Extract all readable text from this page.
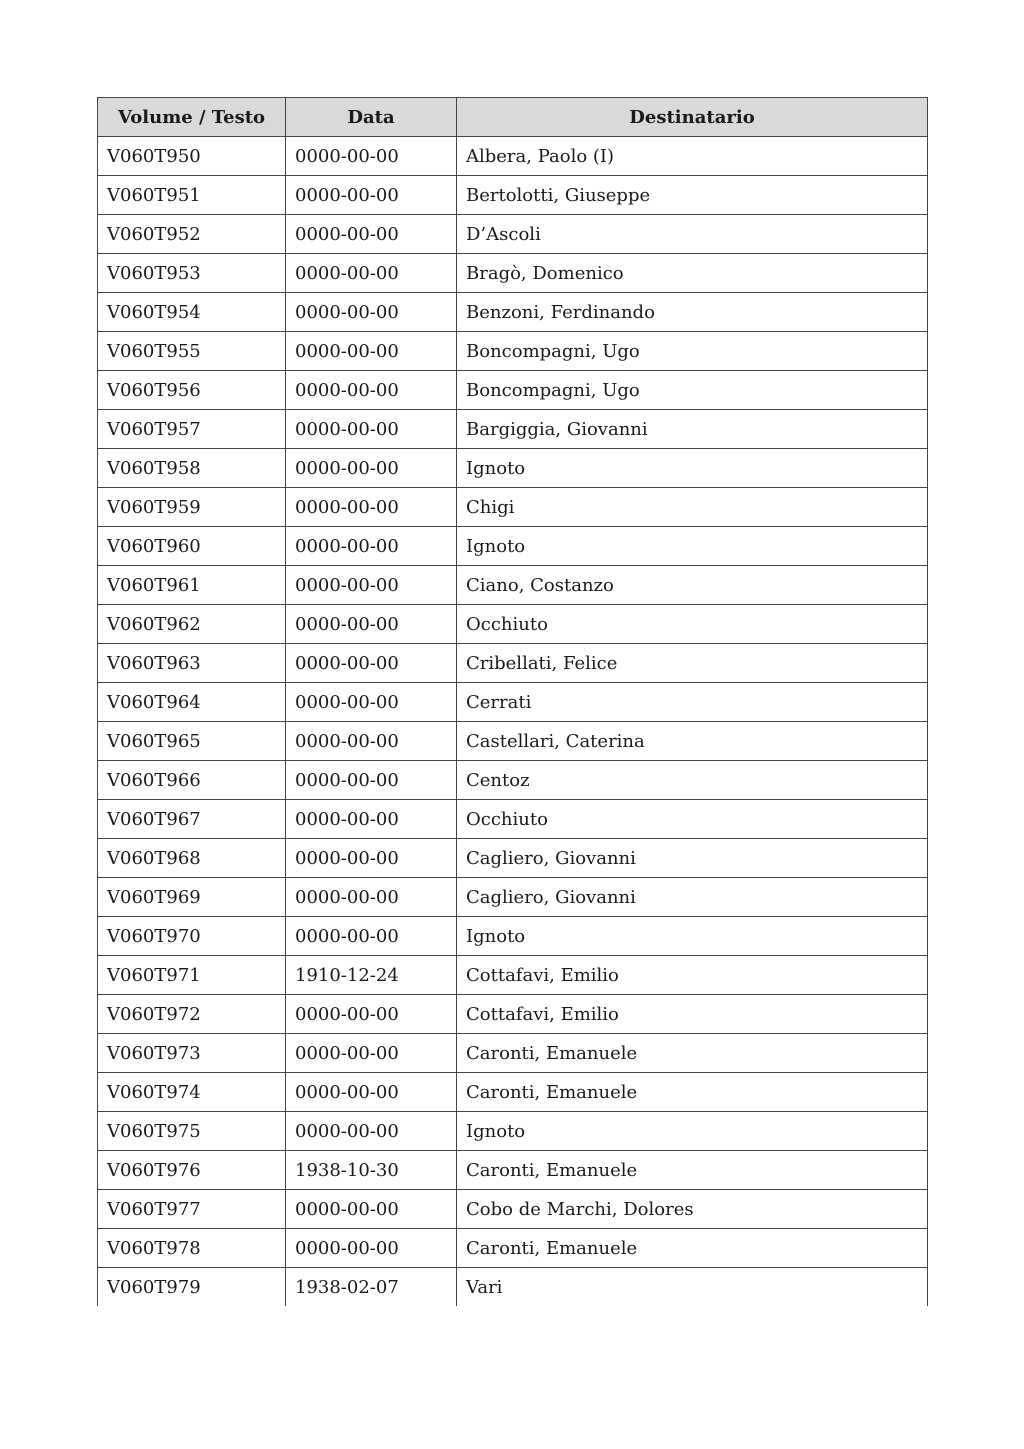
Volume / Testo	Data	Destinatario
V060T950	0000-00-00	Albera, Paolo (I)
V060T951	0000-00-00	Bertolotti, Giuseppe
V060T952	0000-00-00	D’Ascoli
V060T953	0000-00-00	Bragò, Domenico
V060T954	0000-00-00	Benzoni, Ferdinando
V060T955	0000-00-00	Boncompagni, Ugo
V060T956	0000-00-00	Boncompagni, Ugo
V060T957	0000-00-00	Bargiggia, Giovanni
V060T958	0000-00-00	Ignoto
V060T959	0000-00-00	Chigi
V060T960	0000-00-00	Ignoto
V060T961	0000-00-00	Ciano, Costanzo
V060T962	0000-00-00	Occhiuto
V060T963	0000-00-00	Cribellati, Felice
V060T964	0000-00-00	Cerrati
V060T965	0000-00-00	Castellari, Caterina
V060T966	0000-00-00	Centoz
V060T967	0000-00-00	Occhiuto
V060T968	0000-00-00	Cagliero, Giovanni
V060T969	0000-00-00	Cagliero, Giovanni
V060T970	0000-00-00	Ignoto
V060T971	1910-12-24	Cottafavi, Emilio
V060T972	0000-00-00	Cottafavi, Emilio
V060T973	0000-00-00	Caronti, Emanuele
V060T974	0000-00-00	Caronti, Emanuele
V060T975	0000-00-00	Ignoto
V060T976	1938-10-30	Caronti, Emanuele
V060T977	0000-00-00	Cobo de Marchi, Dolores
V060T978	0000-00-00	Caronti, Emanuele
V060T979	1938-02-07	Vari
